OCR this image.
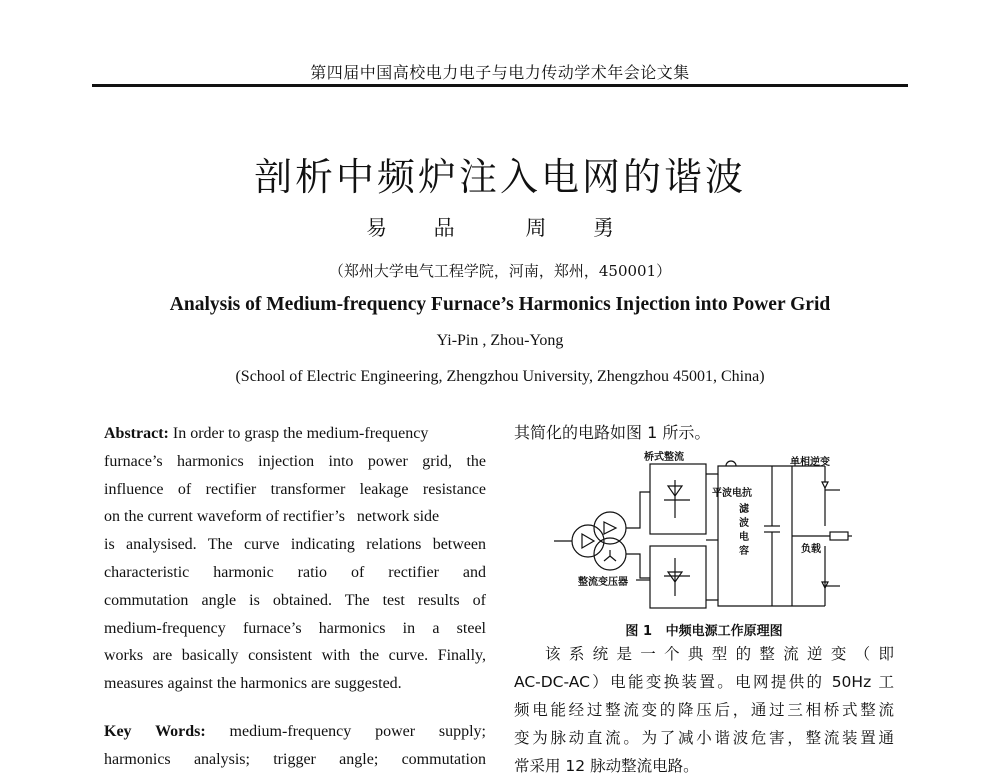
第四届中国高校电力电子与电力传动学术年会论文集
剖析中频炉注入电网的谐波
易 品 周 勇
（郑州大学电气工程学院，河南，郑州，450001）
Analysis of Medium-frequency Furnace’s Harmonics Injection into Power Grid
Yi-Pin , Zhou-Yong
(School of Electric Engineering, Zhengzhou University, Zhengzhou 45001, China)
Abstract: In order to grasp the medium-frequency
furnace’s harmonics injection into power grid, the
influence of rectifier transformer leakage resistance
on the current waveform of rectifier’s   network side
is analysised. The curve indicating relations between
characteristic harmonic ratio of rectifier and
commutation angle is obtained. The test results of
medium-frequency furnace’s harmonics in a steel
works are basically consistent with the curve. Finally,
measures against the harmonics are suggested.
Key Words: medium-frequency power supply;
harmonics analysis; trigger angle; commutation
其简化的电路如图 1 所示。
桥式整流	单相逆变
平波电抗
滤
波
电
容	负载
整流变压器
图 1   中频电源工作原理图
该系统是一个典型的整流逆变（即
AC-DC-AC）电能变换装置。电网提供的 50Hz 工
频电能经过整流变的降压后，通过三相桥式整流
变为脉动直流。为了减小谐波危害，整流装置通
常采用 12 脉动整流电路。
